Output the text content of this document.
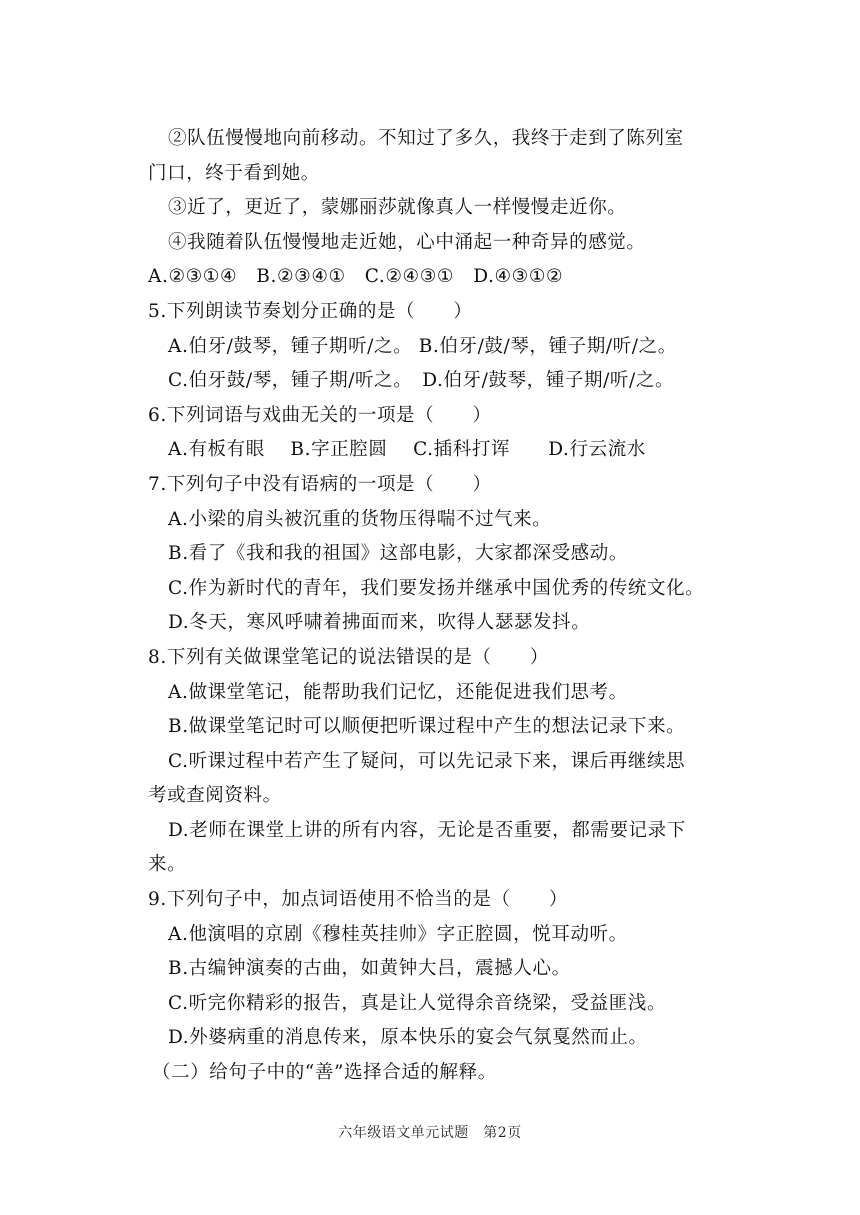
②队伍慢慢地向前移动。不知过了多久，我终于走到了陈列室
门口，终于看到她。
③近了，更近了，蒙娜丽莎就像真人一样慢慢走近你。
④我随着队伍慢慢地走近她，心中涌起一种奇异的感觉。
A.②③①④　B.②③④①　C.②④③①　D.④③①②
5.下列朗读节奏划分正确的是（　　）
A.伯牙/鼓琴，锺子期听/之。 B.伯牙/鼓/琴，锺子期/听/之。
C.伯牙鼓/琴，锺子期/听之。　D.伯牙/鼓琴，锺子期/听/之。
6.下列词语与戏曲无关的一项是（　　）
A.有板有眼　 B.字正腔圆　 C.插科打诨　　D.行云流水
7.下列句子中没有语病的一项是（　　）
A.小梁的肩头被沉重的货物压得喘不过气来。
B.看了《我和我的祖国》这部电影，大家都深受感动。
C.作为新时代的青年，我们要发扬并继承中国优秀的传统文化。
D.冬天，寒风呼啸着拂面而来，吹得人瑟瑟发抖。
8.下列有关做课堂笔记的说法错误的是（　　）
A.做课堂笔记，能帮助我们记忆，还能促进我们思考。
B.做课堂笔记时可以顺便把听课过程中产生的想法记录下来。
C.听课过程中若产生了疑问，可以先记录下来，课后再继续思
考或查阅资料。
D.老师在课堂上讲的所有内容，无论是否重要，都需要记录下
来。
9.下列句子中，加点词语使用不恰当的是（　　）
A.他演唱的京剧《穆桂英挂帅》字正腔圆，悦耳动听。
B.古编钟演奏的古曲，如黄钟大吕，震撼人心。
C.听完你精彩的报告，真是让人觉得余音绕梁，受益匪浅。
D.外婆病重的消息传来，原本快乐的宴会气氛戛然而止。
（二）给句子中的“善”选择合适的解释。
六年级语文单元试题　第2页
